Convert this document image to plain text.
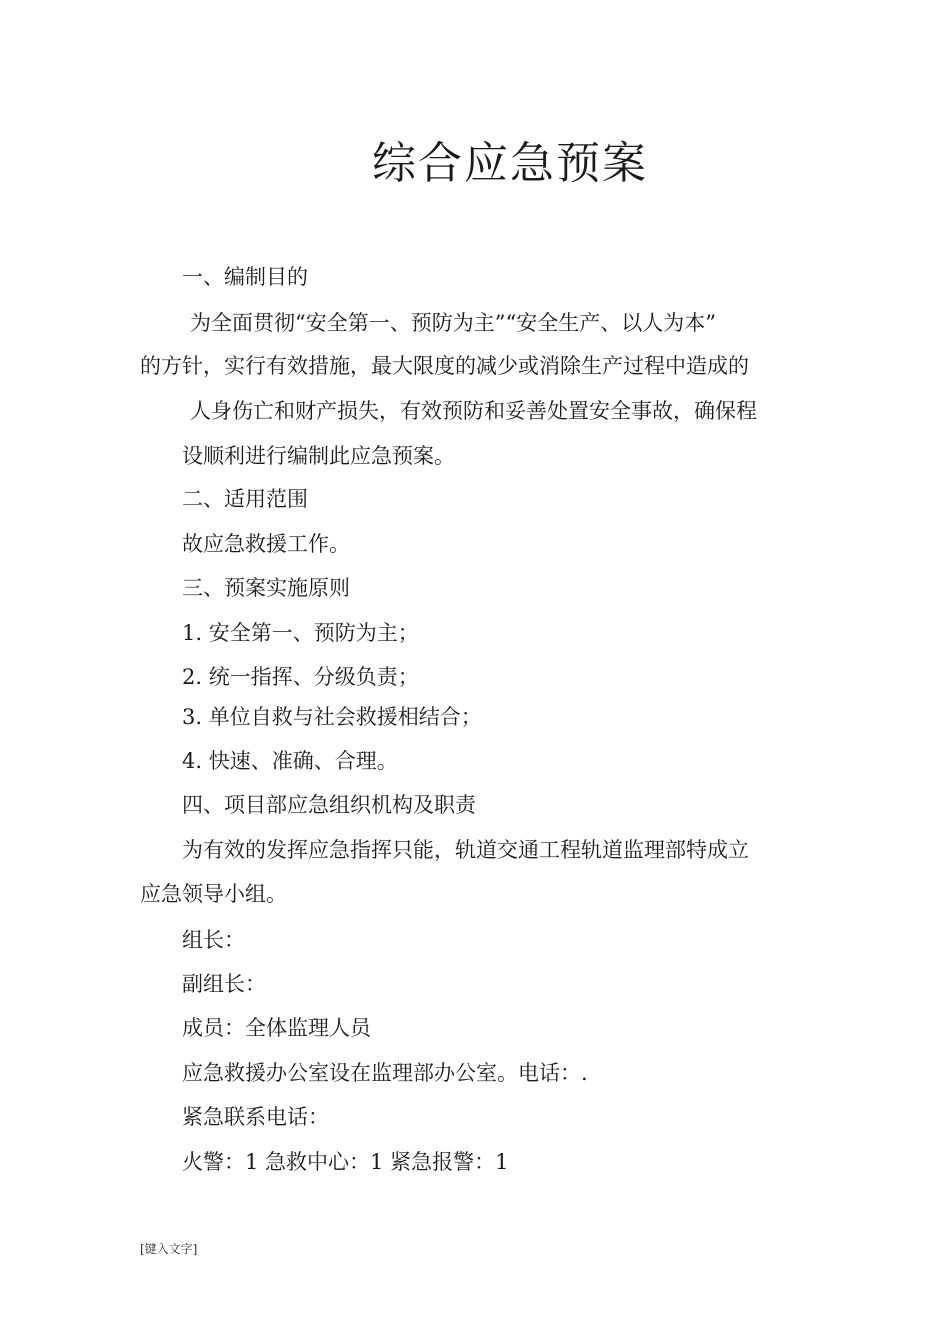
综合应急预案

一、编制目的

为全面贯彻“安全第一、预防为主”“安全生产、以人为本”

的方针，实行有效措施，最大限度的减少或消除生产过程中造成的

人身伤亡和财产损失，有效预防和妥善处置安全事故，确保程

设顺利进行编制此应急预案。

二、适用范围

故应急救援工作。

三、预案实施原则

1. 安全第一、预防为主；

2. 统一指挥、分级负责；

3. 单位自救与社会救援相结合；

4. 快速、准确、合理。

四、项目部应急组织机构及职责

为有效的发挥应急指挥只能，轨道交通工程轨道监理部特成立

应急领导小组。

组长：

副组长：

成员：全体监理人员

应急救援办公室设在监理部办公室。电话：.

紧急联系电话：

火警：1 急救中心：1 紧急报警：1

[键入文字]
